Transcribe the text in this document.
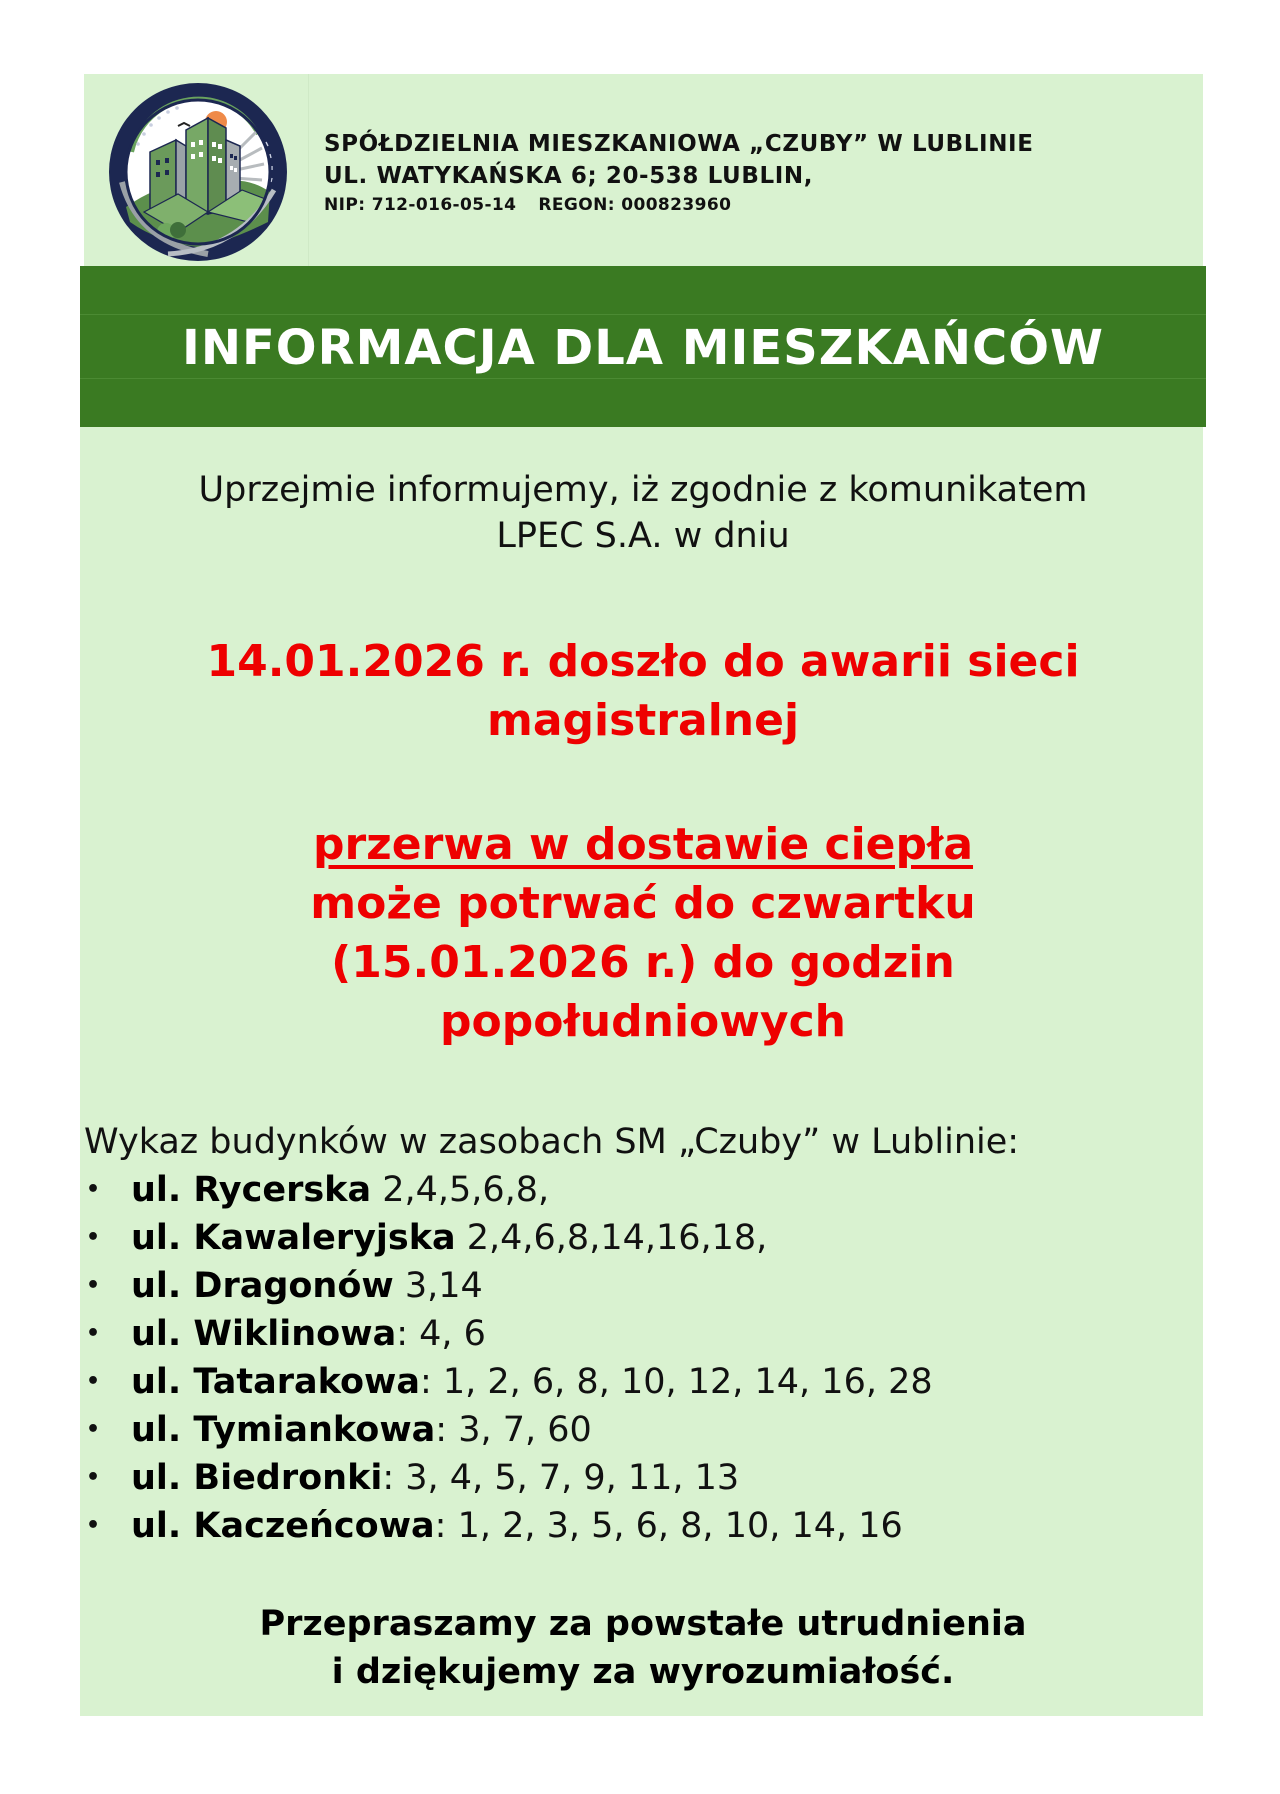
SPÓŁDZIELNIA MIESZKANIOWA „CZUBY” W LUBLINIE
UL. WATYKAŃSKA 6; 20-538 LUBLIN,
NIP: 712-016-05-14 REGON: 000823960
INFORMACJA DLA MIESZKAŃCÓW
Uprzejmie informujemy, iż zgodnie z komunikatem
LPEC S.A. w dniu
14.01.2026 r. doszło do awarii sieci
magistralnej
przerwa w dostawie ciepła
może potrwać do czwartku
(15.01.2026 r.) do godzin
popołudniowych
Wykaz budynków w zasobach SM „Czuby” w Lublinie:
• ul. Rycerska 2,4,5,6,8,
• ul. Kawaleryjska 2,4,6,8,14,16,18,
• ul. Dragonów 3,14
• ul. Wiklinowa: 4, 6
• ul. Tatarakowa: 1, 2, 6, 8, 10, 12, 14, 16, 28
• ul. Tymiankowa: 3, 7, 60
• ul. Biedronki: 3, 4, 5, 7, 9, 11, 13
• ul. Kaczeńcowa: 1, 2, 3, 5, 6, 8, 10, 14, 16
Przepraszamy za powstałe utrudnienia
i dziękujemy za wyrozumiałość.
